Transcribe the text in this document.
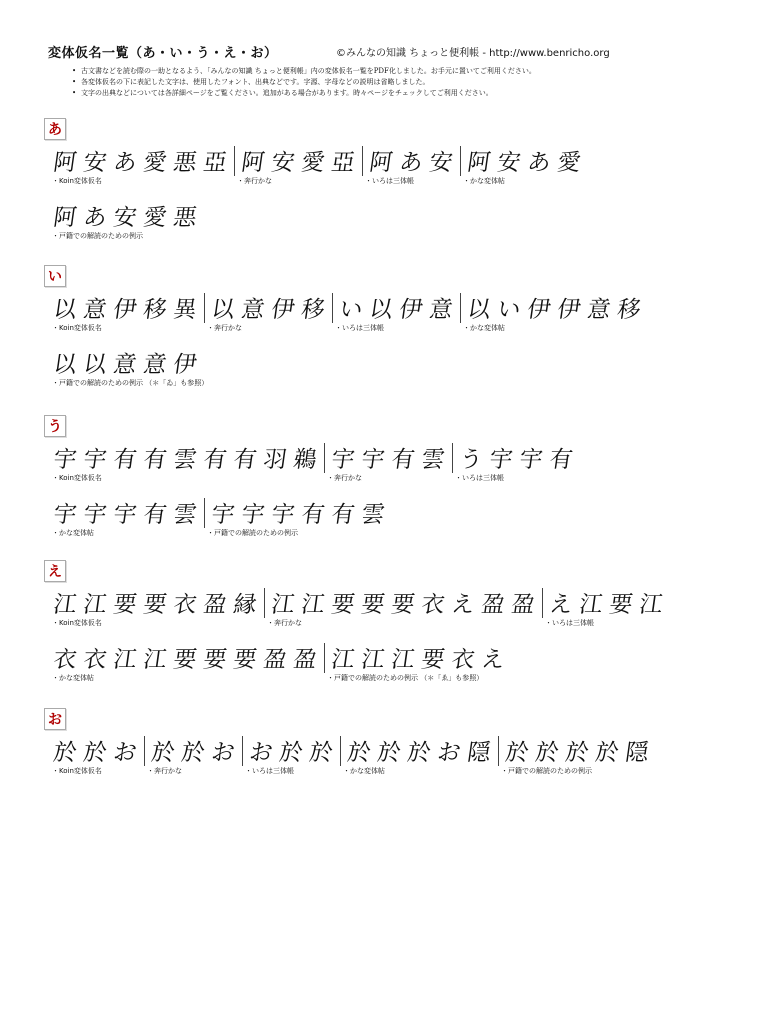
変体仮名一覧（あ・い・う・え・お）	©みんなの知識 ちょっと便利帳 - http://www.benricho.org
• 古文書などを読む際の一助となるよう、「みんなの知識 ちょっと便利帳」内の変体仮名一覧をPDF化しました。お手元に置いてご利用ください。
• 各変体仮名の下に表記した文字は、使用したフォント、出典などです。字源、字母などの説明は省略しました。
• 文字の出典などについては各詳細ページをご覧ください。追加がある場合があります。時々ページをチェックしてご利用ください。
あ
阿 安 あ 愛 悪 亞
・Koin変体仮名
阿 安 愛 亞
・奔行かな
阿 あ 安
・いろは三体帳
阿 安 あ 愛
・かな変体帖
阿 あ 安 愛 悪
・戸籍での解読のための例示
い
以 意 伊 移 異
・Koin変体仮名
以 意 伊 移
・奔行かな
い 以 伊 意
・いろは三体帳
以 い 伊 伊 意 移
・かな変体帖
以 以 意 意 伊
・戸籍での解読のための例示 （＊「ゐ」も参照）
う
宇 宇 有 有 雲 有 有 羽 鵜
・Koin変体仮名
宇 宇 有 雲
・奔行かな
う 宇 宇 有
・いろは三体帳
宇 宇 宇 有 雲
・かな変体帖
宇 宇 宇 有 有 雲
・戸籍での解読のための例示
え
江 江 要 要 衣 盈 縁
・Koin変体仮名
江 江 要 要 要 衣 え 盈 盈
・奔行かな
え 江 要 江
・いろは三体帳
衣 衣 江 江 要 要 要 盈 盈
・かな変体帖
江 江 江 要 衣 え
・戸籍での解読のための例示 （＊「ゑ」も参照）
お
於 於 お
・Koin変体仮名
於 於 お
・奔行かな
お 於 於
・いろは三体帳
於 於 於 お 隠
・かな変体帖
於 於 於 於 隠
・戸籍での解読のための例示
